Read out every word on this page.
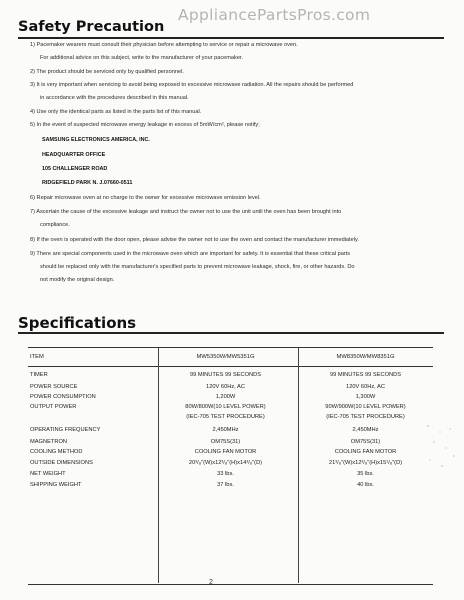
AppliancePartsPros.com
Safety Precaution
1) Pacemaker wearers must consult their physician before attempting to service or repair a microwave oven.
For additional advice on this subject, write to the manufacturer of your pacemaker.
2) The product should be serviced only by qualified personnel.
3) It is very important when servicing to avoid being exposed to excessive microwave radiation. All the repairs should be performed
in accordance with the procedures described in this manual.
4) Use only the identical parts as listed in the parts list of this manual.
5) In the event of suspected microwave energy leakage in excess of 5mW/cm², please notify;
SAMSUNG ELECTRONICS AMERICA, INC.
HEADQUARTER OFFICE
105 CHALLENGER ROAD
RIDGEFIELD PARK N. J.07660-0511
6) Repair microwave oven at no charge to the owner for excessive microwave emission level.
7) Ascertain the cause of the excessive leakage and instruct the owner not to use the unit until the oven has been brought into
compliance.
8) If the oven is operated with the door open, please advise the owner not to use the oven and contact the manufacturer immediately.
9) There are special components used in the microwave oven which are important for safety. It is essential that these critical parts
should be replaced only with the manufacturer's specified parts to prevent microwave leakage, shock, fire, or other hazards. Do
not modify the original design.
Specifications
ITEM	MW5350W/MW5351G	MW8350W/MW8351G
TIMER	99 MINUTES 99 SECONDS	99 MINUTES 99 SECONDS
POWER SOURCE	120V 60Hz, AC	120V 60Hz, AC
POWER CONSUMPTION	1,200W	1,300W
OUTPUT POWER	80W/800W(10 LEVEL POWER)	90W/900W(10 LEVEL POWER)
(IEC-705 TEST PROCEDURE)	(IEC-705 TEST PROCEDURE)
OPERATING FREQUENCY	2,450MHz	2,450MHz
MAGNETRON	OM75S(31)	OM75S(31)
COOLING METHOD	COOLING FAN MOTOR	COOLING FAN MOTOR
OUTSIDE DIMENSIONS	20³/₈"(W)x12³/₈"(H)x14³/₈"(D)	21³/₈"(W)x12³/₈"(H)x15¹/₈"(D)
NET WEIGHT	33 lbs.	35 lbs.
SHIPPING WEIGHT	37 lbs.	40 lbs.
2
